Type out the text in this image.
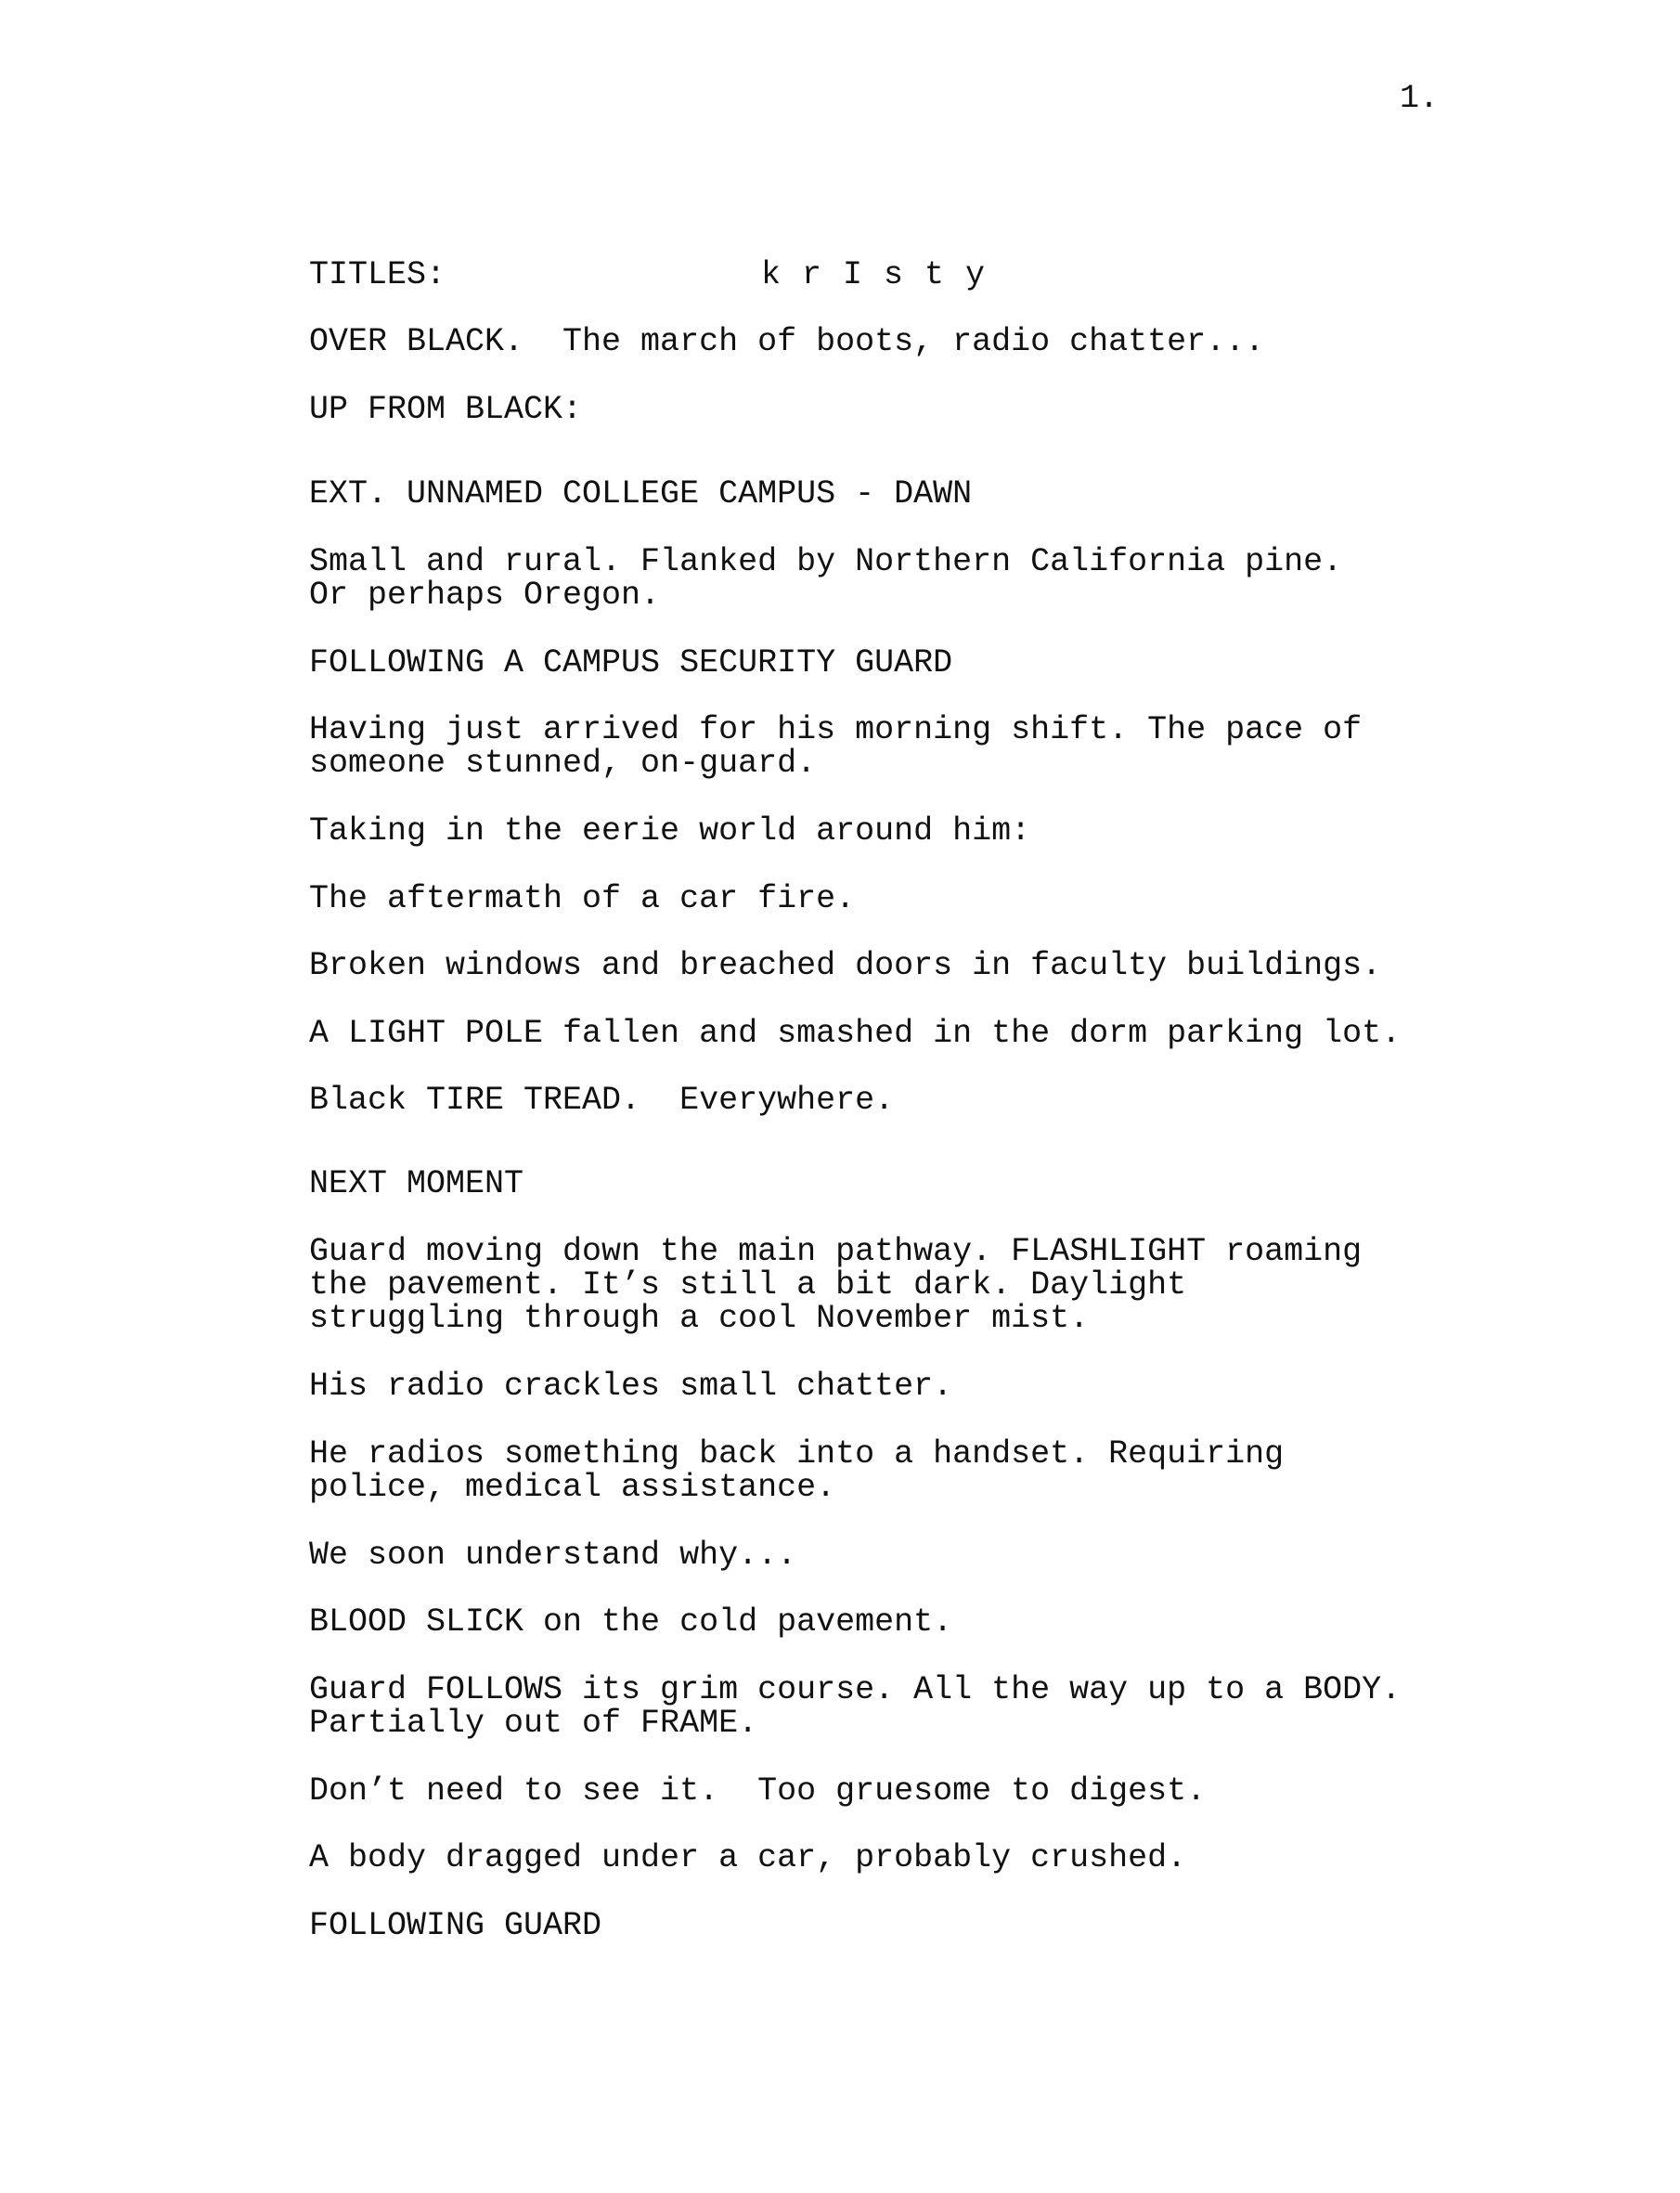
1.
TITLES:	k r I s t y
OVER BLACK.  The march of boots, radio chatter...
UP FROM BLACK:
EXT. UNNAMED COLLEGE CAMPUS - DAWN
Small and rural. Flanked by Northern California pine.
Or perhaps Oregon.
FOLLOWING A CAMPUS SECURITY GUARD
Having just arrived for his morning shift. The pace of
someone stunned, on-guard.
Taking in the eerie world around him:
The aftermath of a car fire.
Broken windows and breached doors in faculty buildings.
A LIGHT POLE fallen and smashed in the dorm parking lot.
Black TIRE TREAD.  Everywhere.
NEXT MOMENT
Guard moving down the main pathway. FLASHLIGHT roaming
the pavement. It’s still a bit dark. Daylight
struggling through a cool November mist.
His radio crackles small chatter.
He radios something back into a handset. Requiring
police, medical assistance.
We soon understand why...
BLOOD SLICK on the cold pavement.
Guard FOLLOWS its grim course. All the way up to a BODY.
Partially out of FRAME.
Don’t need to see it.  Too gruesome to digest.
A body dragged under a car, probably crushed.
FOLLOWING GUARD
